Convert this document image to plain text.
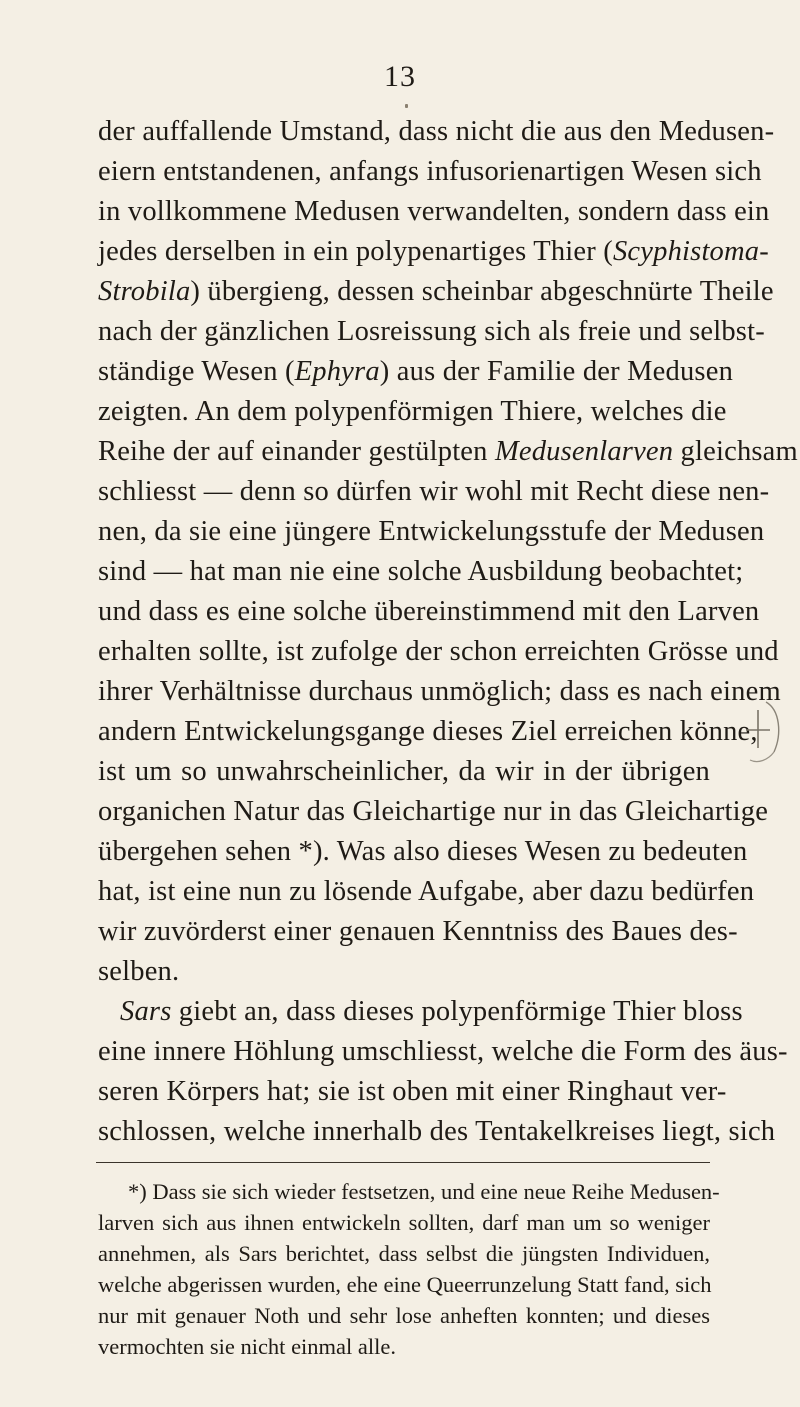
13
der auffallende Umstand, dass nicht die aus den Medusen-
eiern entstandenen, anfangs infusorienartigen Wesen sich
in vollkommene Medusen verwandelten, sondern dass ein
jedes derselben in ein polypenartiges Thier (Scyphistoma-
Strobila) übergieng, dessen scheinbar abgeschnürte Theile
nach der gänzlichen Losreissung sich als freie und selbst-
ständige Wesen (Ephyra) aus der Familie der Medusen
zeigten. An dem polypenförmigen Thiere, welches die
Reihe der auf einander gestülpten Medusenlarven gleichsam
schliesst — denn so dürfen wir wohl mit Recht diese nen-
nen, da sie eine jüngere Entwickelungsstufe der Medusen
sind — hat man nie eine solche Ausbildung beobachtet;
und dass es eine solche übereinstimmend mit den Larven
erhalten sollte, ist zufolge der schon erreichten Grösse und
ihrer Verhältnisse durchaus unmöglich; dass es nach einem
andern Entwickelungsgange dieses Ziel erreichen könne,
ist um so unwahrscheinlicher, da wir in der übrigen
organichen Natur das Gleichartige nur in das Gleichartige
übergehen sehen *). Was also dieses Wesen zu bedeuten
hat, ist eine nun zu lösende Aufgabe, aber dazu bedürfen
wir zuvörderst einer genauen Kenntniss des Baues des-
selben.
Sars giebt an, dass dieses polypenförmige Thier bloss
eine innere Höhlung umschliesst, welche die Form des äus-
seren Körpers hat; sie ist oben mit einer Ringhaut ver-
schlossen, welche innerhalb des Tentakelkreises liegt, sich
*) Dass sie sich wieder festsetzen, und eine neue Reihe Medusen-
larven sich aus ihnen entwickeln sollten, darf man um so weniger
annehmen, als Sars berichtet, dass selbst die jüngsten Individuen,
welche abgerissen wurden, ehe eine Queerrunzelung Statt fand, sich
nur mit genauer Noth und sehr lose anheften konnten; und dieses
vermochten sie nicht einmal alle.
